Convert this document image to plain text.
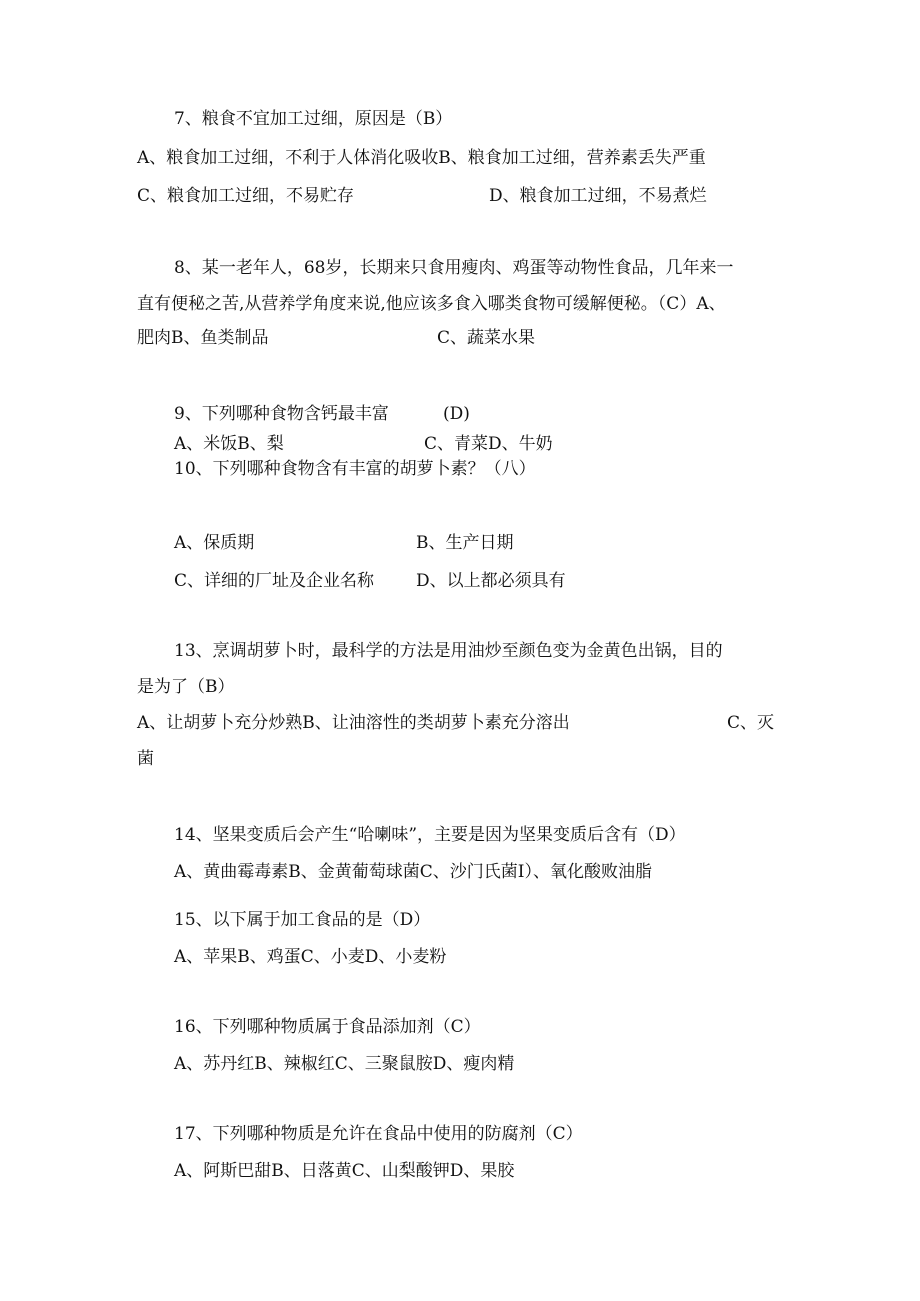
7、粮食不宜加工过细，原因是（B）
A、粮食加工过细，不利于人体消化吸收B、粮食加工过细，营养素丢失严重
C、粮食加工过细，不易贮存	D、粮食加工过细，不易煮烂
8、某一老年人，68岁，长期来只食用瘦肉、鸡蛋等动物性食品，几年来一
直有便秘之苦,从营养学角度来说,他应该多食入哪类食物可缓解便秘。（C）A、
肥肉B、鱼类制品	C、蔬菜水果
9、下列哪种食物含钙最丰富	(D)
A、米饭B、梨	C、青菜D、牛奶
10、下列哪种食物含有丰富的胡萝卜素？（八）
A、保质期	B、生产日期
C、详细的厂址及企业名称 D、以上都必须具有
13、烹调胡萝卜时，最科学的方法是用油炒至颜色变为金黄色出锅，目的
是为了（B）
A、让胡萝卜充分炒熟B、让油溶性的类胡萝卜素充分溶出	C、灭
菌
14、坚果变质后会产生“哈喇味”，主要是因为坚果变质后含有（D）
A、黄曲霉毒素B、金黄葡萄球菌C、沙门氏菌I）、氧化酸败油脂
15、以下属于加工食品的是（D）
A、苹果B、鸡蛋C、小麦D、小麦粉
16、下列哪种物质属于食品添加剂（C）
A、苏丹红B、辣椒红C、三聚鼠胺D、瘦肉精
17、下列哪种物质是允许在食品中使用的防腐剂（C）
A、阿斯巴甜B、日落黄C、山梨酸钾D、果胶
